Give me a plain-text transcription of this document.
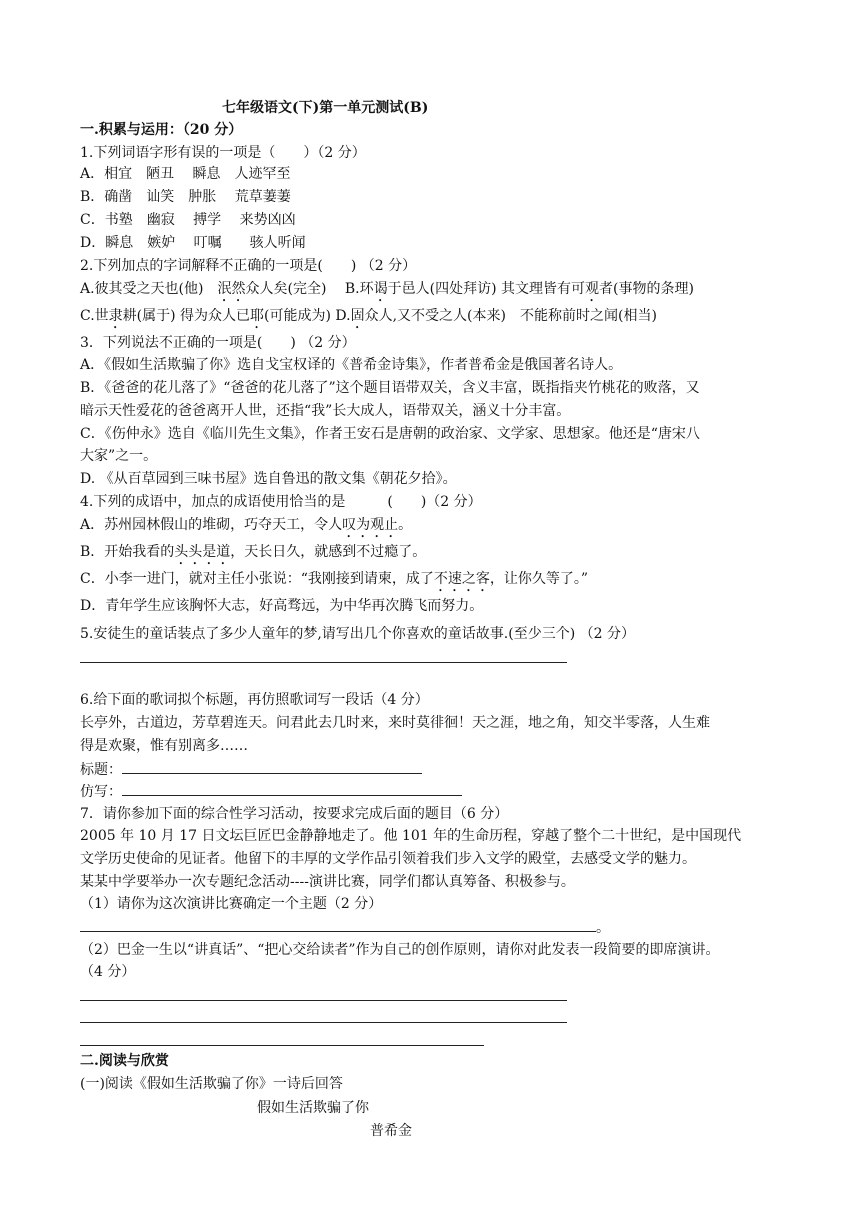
七年级语文(下)第一单元测试(B)
一.积累与运用：（20 分）
1.下列词语字形有误的一项是（　　）（2 分）
A．相宜　陋丑　 瞬息　人迹罕至
B．确凿　讪笑　肿胀　 荒草萋萋
C．书塾　幽寂　 搏学　 来势凶凶
D．瞬息　嫉妒　 叮嘱　　骇人听闻
2.下列加点的字词解释不正确的一项是(　　) （2 分）
A.彼其受之天也(他)　泯然众人矣(完全)　 B.环谒于邑人(四处拜访) 其文理皆有可观者(事物的条理)
C.世隶耕(属于) 得为众人已耶(可能成为) D.固众人,又不受之人(本来)　不能称前时之闻(相当)
3．下列说法不正确的一项是(　　) （2 分）
A．《假如生活欺骗了你》选自戈宝权译的《普希金诗集》，作者普希金是俄国著名诗人。
B．《爸爸的花儿落了》“爸爸的花儿落了”这个题目语带双关，含义丰富，既指指夹竹桃花的败落，又
暗示天性爱花的爸爸离开人世，还指“我”长大成人，语带双关，涵义十分丰富。
C．《伤仲永》选自《临川先生文集》，作者王安石是唐朝的政治家、文学家、思想家。他还是“唐宋八
大家”之一。
D. 《从百草园到三味书屋》选自鲁迅的散文集《朝花夕拾》。
4.下列的成语中，加点的成语使用恰当的是　　　(　　)（2 分）
A．苏州园林假山的堆砌，巧夺天工，令人叹为观止。
B．开始我看的头头是道，天长日久，就感到不过瘾了。
C．小李一进门，就对主任小张说：“我刚接到请柬，成了不速之客，让你久等了。”
D．青年学生应该胸怀大志，好高骛远，为中华再次腾飞而努力。
5.安徒生的童话装点了多少人童年的梦,请写出几个你喜欢的童话故事.(至少三个) （2 分）
6.给下面的歌词拟个标题，再仿照歌词写一段话（4 分）
长亭外，古道边，芳草碧连天。问君此去几时来，来时莫徘徊！天之涯，地之角，知交半零落，人生难
得是欢聚，惟有别离多……
标题：
仿写：
7．请你参加下面的综合性学习活动，按要求完成后面的题目（6 分）
2005 年 10 月 17 日文坛巨匠巴金静静地走了。他 101 年的生命历程，穿越了整个二十世纪，是中国现代
文学历史使命的见证者。他留下的丰厚的文学作品引领着我们步入文学的殿堂，去感受文学的魅力。
某某中学要举办一次专题纪念活动----演讲比赛，同学们都认真筹备、积极参与。
（1）请你为这次演讲比赛确定一个主题（2 分）
。
（2）巴金一生以“讲真话”、“把心交给读者”作为自己的创作原则，请你对此发表一段简要的即席演讲。
（4 分）
二.阅读与欣赏
(一)阅读《假如生活欺骗了你》一诗后回答
假如生活欺骗了你
普希金
